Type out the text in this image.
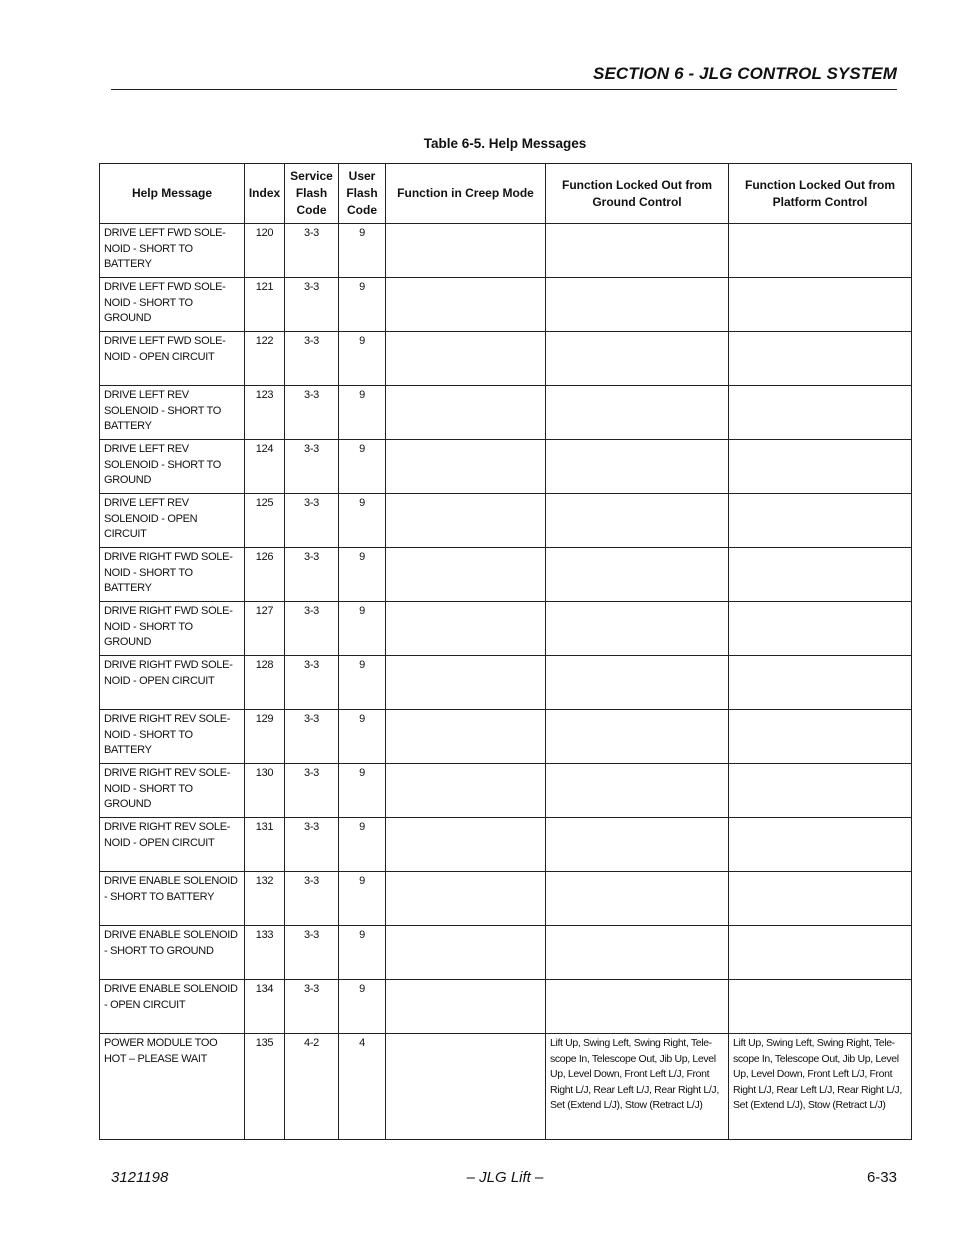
SECTION 6 - JLG CONTROL SYSTEM
Table 6-5. Help Messages
Help Message	Index	Service Flash Code	User Flash Code	Function in Creep Mode	Function Locked Out from Ground Control	Function Locked Out from Platform Control
DRIVE LEFT FWD SOLE-NOID - SHORT TO BATTERY	120	3-3	9			
DRIVE LEFT FWD SOLE-NOID - SHORT TO GROUND	121	3-3	9			
DRIVE LEFT FWD SOLE-NOID - OPEN CIRCUIT	122	3-3	9			
DRIVE LEFT REV SOLENOID - SHORT TO BATTERY	123	3-3	9			
DRIVE LEFT REV SOLENOID - SHORT TO GROUND	124	3-3	9			
DRIVE LEFT REV SOLENOID - OPEN CIRCUIT	125	3-3	9			
DRIVE RIGHT FWD SOLE-NOID - SHORT TO BATTERY	126	3-3	9			
DRIVE RIGHT FWD SOLE-NOID - SHORT TO GROUND	127	3-3	9			
DRIVE RIGHT FWD SOLE-NOID - OPEN CIRCUIT	128	3-3	9			
DRIVE RIGHT REV SOLE-NOID - SHORT TO BATTERY	129	3-3	9			
DRIVE RIGHT REV SOLE-NOID - SHORT TO GROUND	130	3-3	9			
DRIVE RIGHT REV SOLE-NOID - OPEN CIRCUIT	131	3-3	9			
DRIVE ENABLE SOLENOID - SHORT TO BATTERY	132	3-3	9			
DRIVE ENABLE SOLENOID - SHORT TO GROUND	133	3-3	9			
DRIVE ENABLE SOLENOID - OPEN CIRCUIT	134	3-3	9			
POWER MODULE TOO HOT – PLEASE WAIT	135	4-2	4		Lift Up, Swing Left, Swing Right, Tele-scope In, Telescope Out, Jib Up, Level Up, Level Down, Front Left L/J, Front Right L/J, Rear Left L/J, Rear Right L/J, Set (Extend L/J), Stow (Retract L/J)	Lift Up, Swing Left, Swing Right, Tele-scope In, Telescope Out, Jib Up, Level Up, Level Down, Front Left L/J, Front Right L/J, Rear Left L/J, Rear Right L/J, Set (Extend L/J), Stow (Retract L/J)
3121198	– JLG Lift –	6-33
